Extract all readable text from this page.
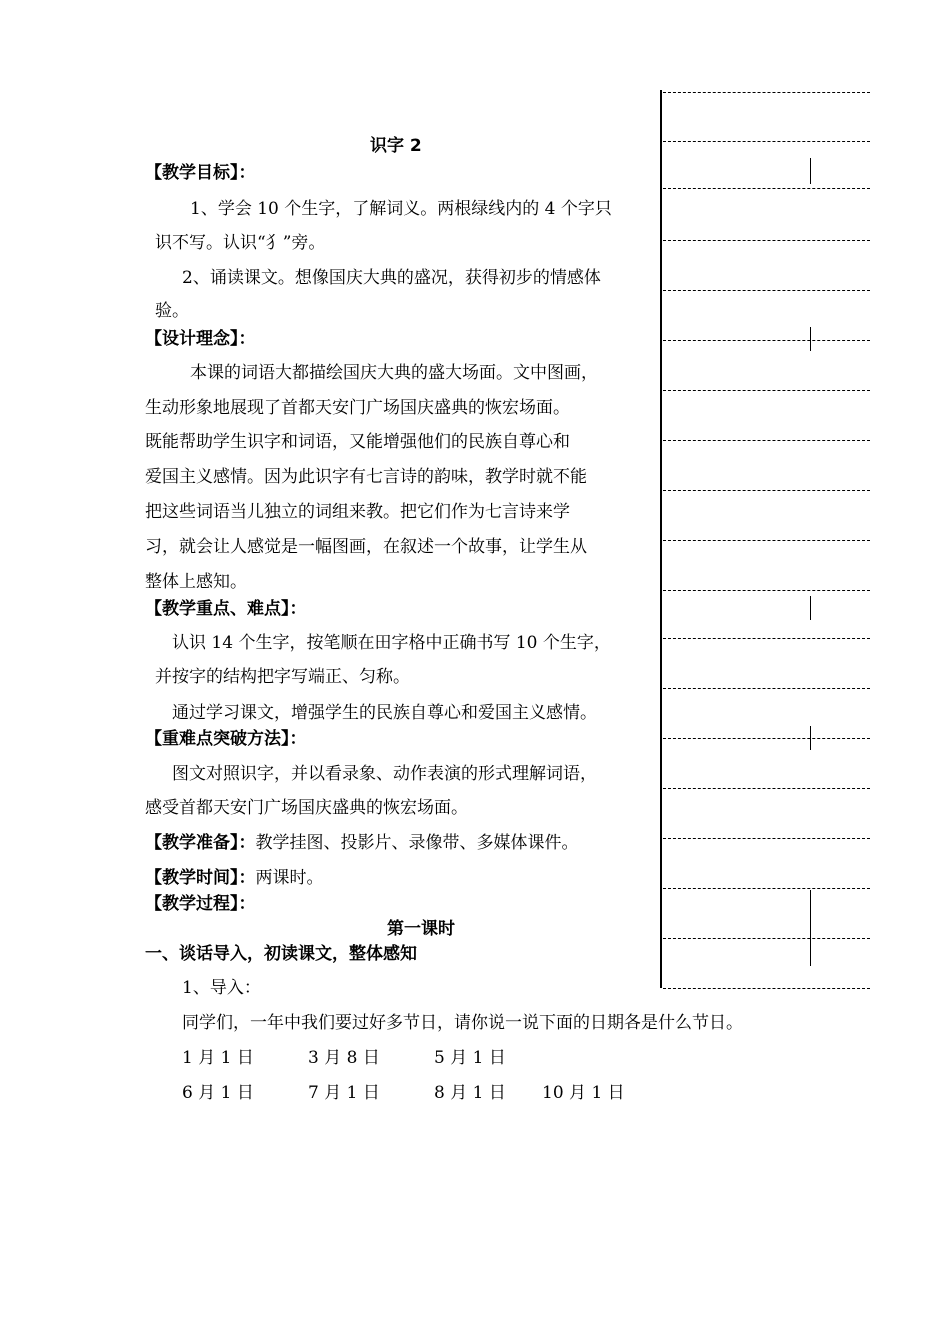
识字 2
【教学目标】：
1、学会 10 个生字，了解词义。两根绿线内的 4 个字只
识不写。认识“犭”旁。
2、诵读课文。想像国庆大典的盛况，获得初步的情感体
验。
【设计理念】：
本课的词语大都描绘国庆大典的盛大场面。文中图画，
生动形象地展现了首都天安门广场国庆盛典的恢宏场面。
既能帮助学生识字和词语，又能增强他们的民族自尊心和
爱国主义感情。因为此识字有七言诗的韵味，教学时就不能
把这些词语当儿独立的词组来教。把它们作为七言诗来学
习，就会让人感觉是一幅图画，在叙述一个故事，让学生从
整体上感知。
【教学重点、难点】：
认识 14 个生字，按笔顺在田字格中正确书写 10 个生字，
并按字的结构把字写端正、匀称。
通过学习课文，增强学生的民族自尊心和爱国主义感情。
【重难点突破方法】：
图文对照识字，并以看录象、动作表演的形式理解词语，
感受首都天安门广场国庆盛典的恢宏场面。
【教学准备】：教学挂图、投影片、录像带、多媒体课件。
【教学时间】：两课时。
【教学过程】：
第一课时
一、谈话导入，初读课文，整体感知
1、导入：
同学们，一年中我们要过好多节日，请你说一说下面的日期各是什么节日。
1 月 1 日	3 月 8 日	5 月 1 日
6 月 1 日	7 月 1 日	8 月 1 日 10 月 1 日
